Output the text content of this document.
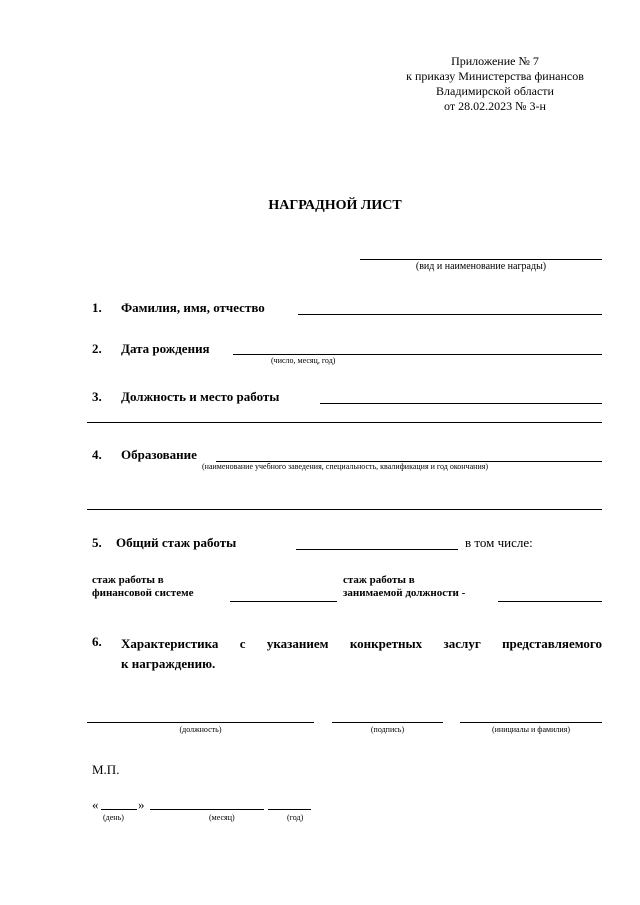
Приложение № 7
к приказу Министерства финансов
Владимирской области
от 28.02.2023 № 3-н
НАГРАДНОЙ ЛИСТ
(вид и наименование награды)
1. Фамилия, имя, отчество
2. Дата рождения
(число, месяц, год)
3. Должность и место работы
4. Образование
(наименование учебного заведения, специальность, квалификация и год окончания)
5. Общий стаж работы	в том числе:
стаж работы в
финансовой системе
стаж работы в
занимаемой должности -
6. Характеристика с указанием конкретных заслуг представляемого
к награждению.
(должность)	(подпись)	(инициалы и фамилия)
М.П.
«	»
(день)	(месяц)	(год)
